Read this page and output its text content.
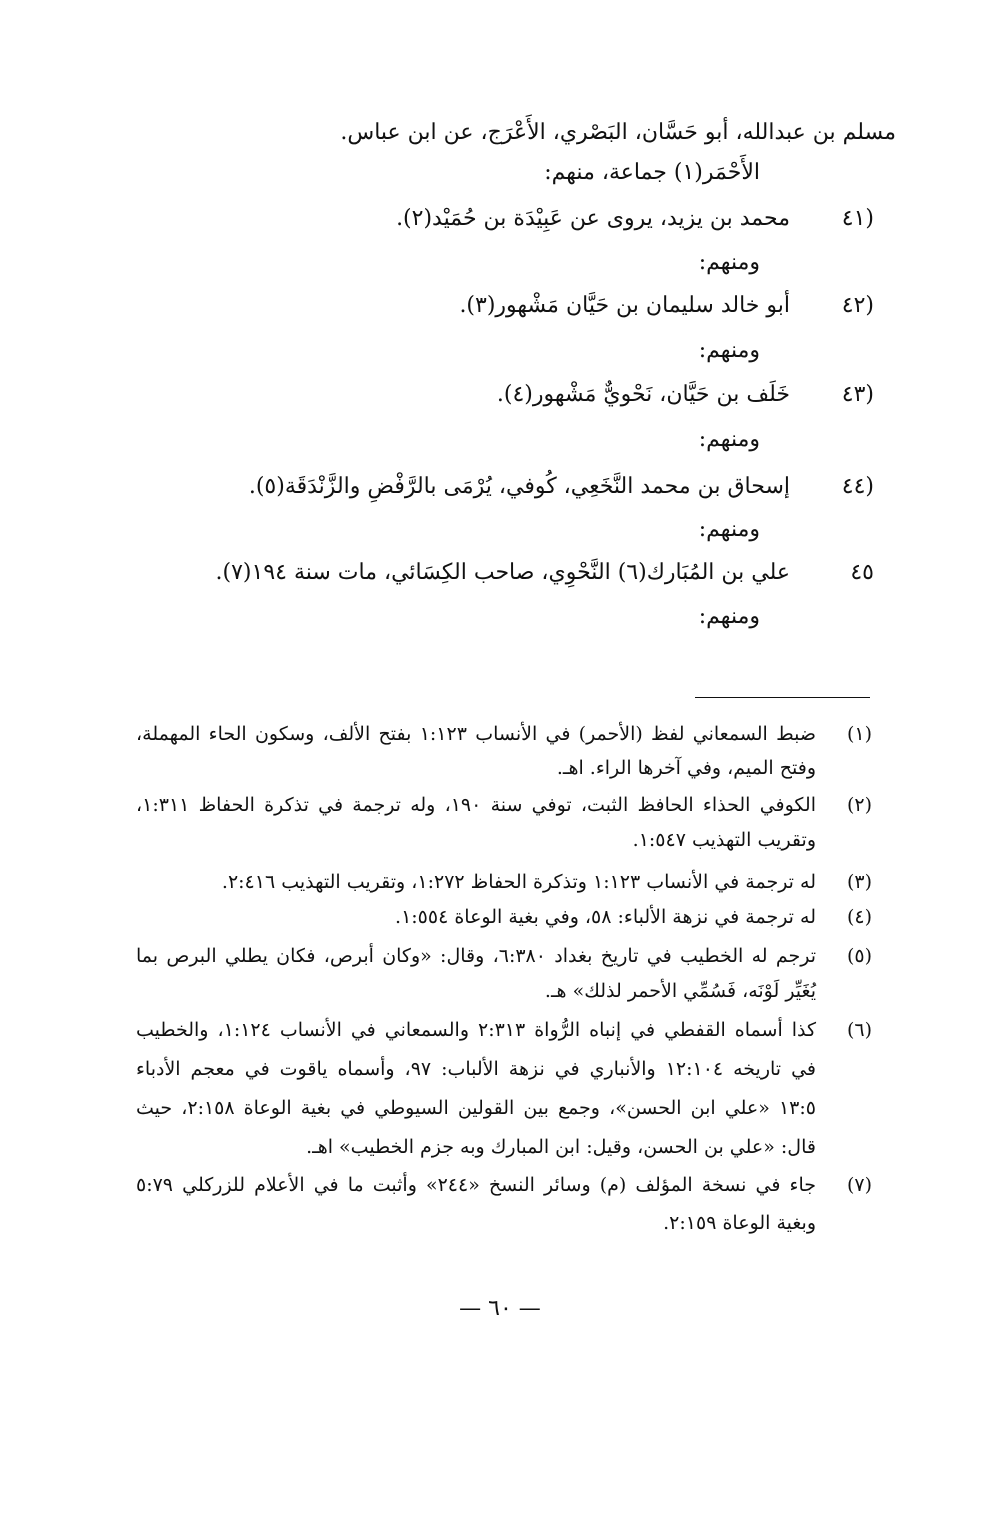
مسلم بن عبدالله، أبو حَسَّان، البَصْري، الأَعْرَج، عن ابن عباس.
الأَحْمَر(١) جماعة، منهم:
(٤١
محمد بن يزيد، يروى عن عَبِيْدَة بن حُمَيْد(٢).
ومنهم:
(٤٢
أبو خالد سليمان بن حَيَّان مَشْهور(٣).
ومنهم:
(٤٣
خَلَف بن حَيَّان، نَحْويٌّ مَشْهور(٤).
ومنهم:
(٤٤
إسحاق بن محمد النَّخَعِي، كُوفي، يُرْمَى بالرَّفْضِ والزَّنْدَقَة(٥).
ومنهم:
٤٥
علي بن المُبَارك(٦) النَّحْوِي، صاحب الكِسَائي، مات سنة ١٩٤(٧).
ومنهم:
(١)
ضبط السمعاني لفظ (الأحمر) في الأنساب ١:١٢٣ بفتح الألف، وسكون الحاء المهملة،
وفتح الميم، وفي آخرها الراء. اهـ.
(٢)
الكوفي الحذاء الحافظ الثبت، توفي سنة ١٩٠، وله ترجمة في تذكرة الحفاظ ١:٣١١،
وتقريب التهذيب ١:٥٤٧.
(٣)
له ترجمة في الأنساب ١:١٢٣ وتذكرة الحفاظ ١:٢٧٢، وتقريب التهذيب ٢:٤١٦.
(٤)
له ترجمة في نزهة الألباء: ٥٨، وفي بغية الوعاة ١:٥٥٤.
(٥)
ترجم له الخطيب في تاريخ بغداد ٦:٣٨٠، وقال: «وكان أبرص، فكان يطلي البرص بما
يُغَيِّر لَوْنَه، فَسُمِّي الأحمر لذلك» هـ.
(٦)
كذا أسماه القفطي في إنباه الرُّواة ٢:٣١٣ والسمعاني في الأنساب ١:١٢٤، والخطيب
في تاريخه ١٢:١٠٤ والأنباري في نزهة الألباب: ٩٧، وأسماه ياقوت في معجم الأدباء
١٣:٥ «علي ابن الحسن»، وجمع بين القولين السيوطي في بغية الوعاة ٢:١٥٨، حيث
قال: «علي بن الحسن، وقيل: ابن المبارك وبه جزم الخطيب» اهـ.
(٧)
جاء في نسخة المؤلف (م) وسائر النسخ «٢٤٤» وأثبت ما في الأعلام للزركلي ٥:٧٩
وبغية الوعاة ٢:١٥٩.
— ٦٠ —
